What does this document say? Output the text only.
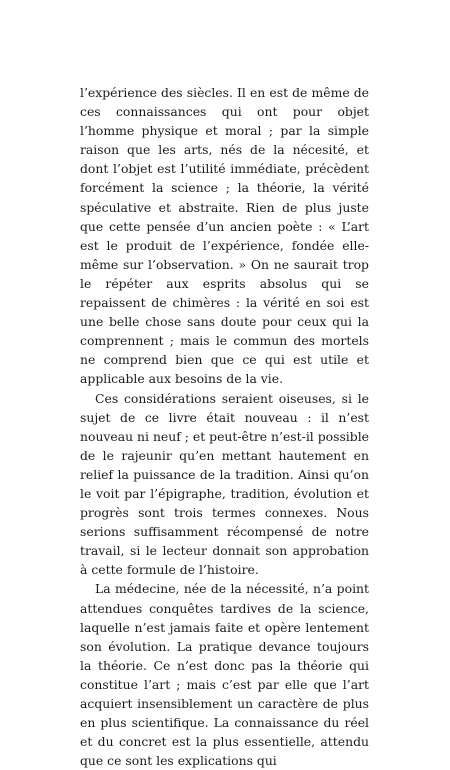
l’expérience des siècles. Il en est de même de ces connaissances qui ont pour objet l’homme physique et moral ; par la simple raison que les arts, nés de la nécesité, et dont l’objet est l’utilité immédiate, précèdent forcément la science ; la théorie, la vérité spéculative et abstraite. Rien de plus juste que cette pensée d’un ancien poète : « L’art est le produit de l’expérience, fondée elle-même sur l’observation. » On ne saurait trop le répéter aux esprits absolus qui se repaissent de chimères : la vérité en soi est une belle chose sans doute pour ceux qui la comprennent ; mais le commun des mortels ne comprend bien que ce qui est utile et applicable aux besoins de la vie.

Ces considérations seraient oiseuses, si le sujet de ce livre était nouveau : il n’est nouveau ni neuf ; et peut-être n’est-il possible de le rajeunir qu’en mettant hautement en relief la puissance de la tradition. Ainsi qu’on le voit par l’épigraphe, tradition, évolution et progrès sont trois termes connexes. Nous serions suffisamment récompensé de notre travail, si le lecteur donnait son approbation à cette formule de l’histoire.

La médecine, née de la nécessité, n’a point attendues conquêtes tardives de la science, laquelle n’est jamais faite et opère lentement son évolution. La pratique devance toujours la théorie. Ce n’est donc pas la théorie qui constitue l’art ; mais c’est par elle que l’art acquiert insensiblement un caractère de plus en plus scientifique. La connaissance du réel et du concret est la plus essentielle, attendu que ce sont les explications qui
